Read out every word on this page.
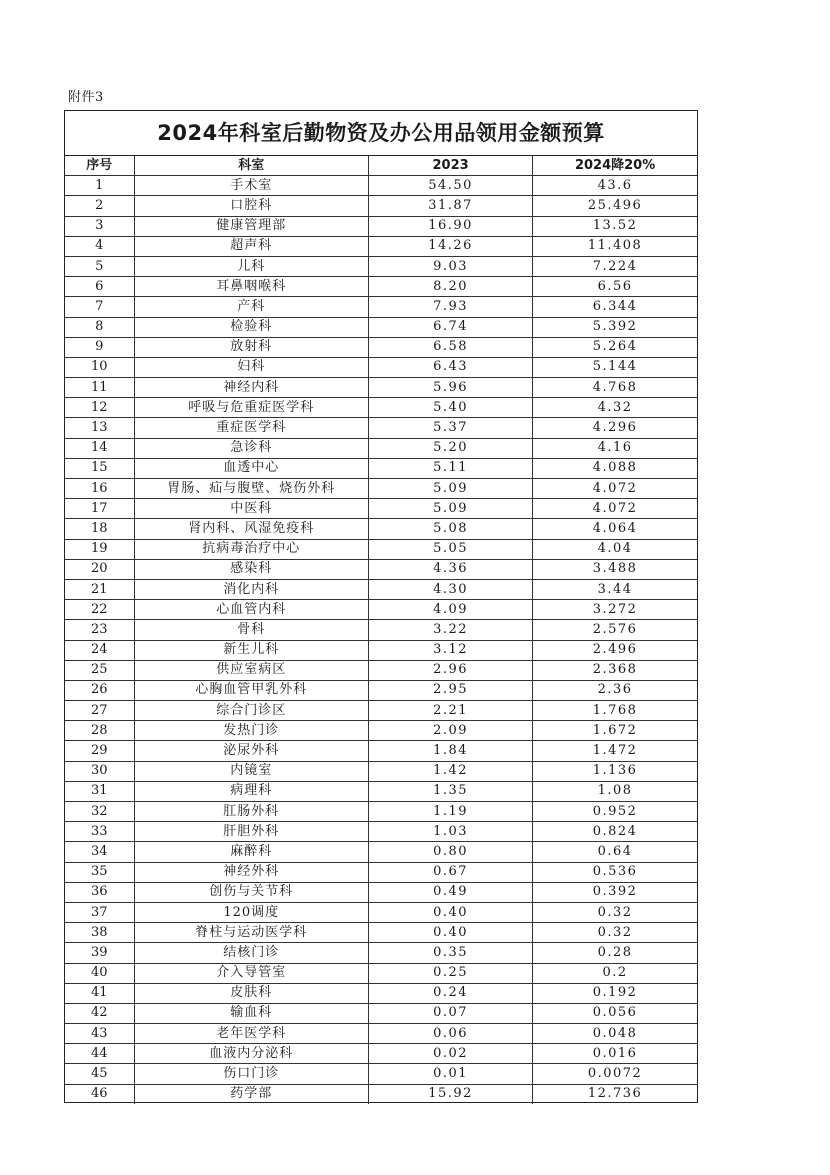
附件3
2024年科室后勤物资及办公用品领用金额预算
序号	科室	2023	2024降20%
1	手术室	54.50	43.6
2	口腔科	31.87	25.496
3	健康管理部	16.90	13.52
4	超声科	14.26	11.408
5	儿科	9.03	7.224
6	耳鼻咽喉科	8.20	6.56
7	产科	7.93	6.344
8	检验科	6.74	5.392
9	放射科	6.58	5.264
10	妇科	6.43	5.144
11	神经内科	5.96	4.768
12	呼吸与危重症医学科	5.40	4.32
13	重症医学科	5.37	4.296
14	急诊科	5.20	4.16
15	血透中心	5.11	4.088
16	胃肠、疝与腹壁、烧伤外科	5.09	4.072
17	中医科	5.09	4.072
18	肾内科、风湿免疫科	5.08	4.064
19	抗病毒治疗中心	5.05	4.04
20	感染科	4.36	3.488
21	消化内科	4.30	3.44
22	心血管内科	4.09	3.272
23	骨科	3.22	2.576
24	新生儿科	3.12	2.496
25	供应室病区	2.96	2.368
26	心胸血管甲乳外科	2.95	2.36
27	综合门诊区	2.21	1.768
28	发热门诊	2.09	1.672
29	泌尿外科	1.84	1.472
30	内镜室	1.42	1.136
31	病理科	1.35	1.08
32	肛肠外科	1.19	0.952
33	肝胆外科	1.03	0.824
34	麻醉科	0.80	0.64
35	神经外科	0.67	0.536
36	创伤与关节科	0.49	0.392
37	120调度	0.40	0.32
38	脊柱与运动医学科	0.40	0.32
39	结核门诊	0.35	0.28
40	介入导管室	0.25	0.2
41	皮肤科	0.24	0.192
42	输血科	0.07	0.056
43	老年医学科	0.06	0.048
44	血液内分泌科	0.02	0.016
45	伤口门诊	0.01	0.0072
46	药学部	15.92	12.736
